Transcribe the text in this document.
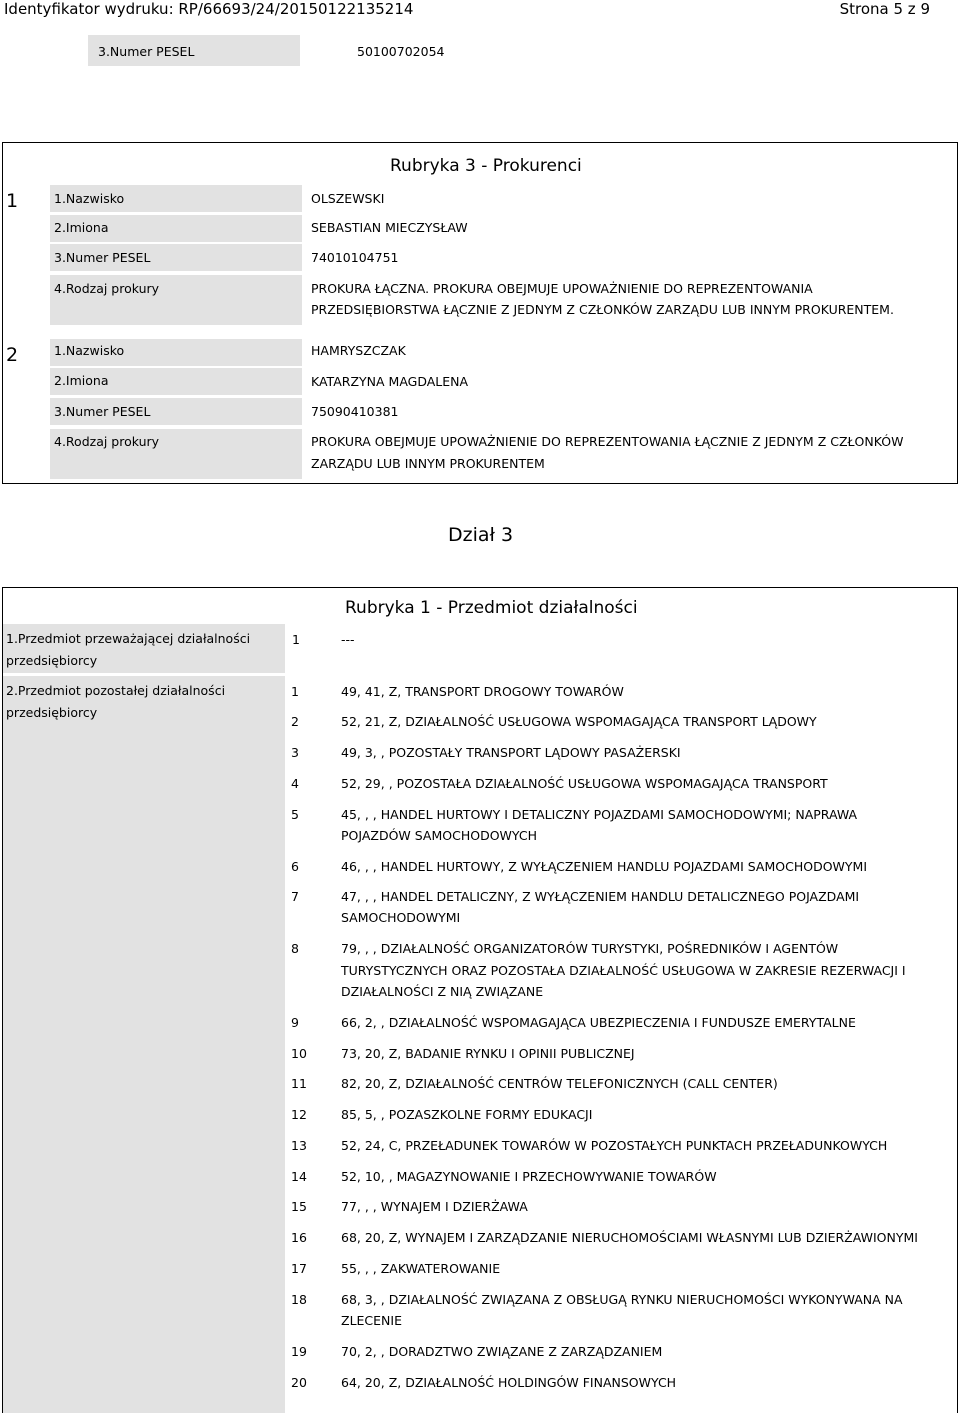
Identyfikator wydruku: RP/66693/24/20150122135214	Strona 5 z 9
3.Numer PESEL	50100702054
Rubryka 3 - Prokurenci
1	1.Nazwisko	OLSZEWSKI
2.Imiona	SEBASTIAN MIECZYSŁAW
3.Numer PESEL	74010104751
4.Rodzaj prokury	PROKURA ŁĄCZNA. PROKURA OBEJMUJE UPOWAŻNIENIE DO REPREZENTOWANIA
PRZEDSIĘBIORSTWA ŁĄCZNIE Z JEDNYM Z CZŁONKÓW ZARZĄDU LUB INNYM PROKURENTEM.
2	1.Nazwisko	HAMRYSZCZAK
2.Imiona	KATARZYNA MAGDALENA
3.Numer PESEL	75090410381
4.Rodzaj prokury	PROKURA OBEJMUJE UPOWAŻNIENIE DO REPREZENTOWANIA ŁĄCZNIE Z JEDNYM Z CZŁONKÓW
ZARZĄDU LUB INNYM PROKURENTEM
Dział 3
Rubryka 1 - Przedmiot działalności
1.Przedmiot przeważającej działalności
przedsiębiorcy
1	---
2.Przedmiot pozostałej działalności
przedsiębiorcy
1	49, 41, Z, TRANSPORT DROGOWY TOWARÓW
2	52, 21, Z, DZIAŁALNOŚĆ USŁUGOWA WSPOMAGAJĄCA TRANSPORT LĄDOWY
3	49, 3, , POZOSTAŁY TRANSPORT LĄDOWY PASAŻERSKI
4	52, 29, , POZOSTAŁA DZIAŁALNOŚĆ USŁUGOWA WSPOMAGAJĄCA TRANSPORT
5	45, , , HANDEL HURTOWY I DETALICZNY POJAZDAMI SAMOCHODOWYMI; NAPRAWA
POJAZDÓW SAMOCHODOWYCH
6	46, , , HANDEL HURTOWY, Z WYŁĄCZENIEM HANDLU POJAZDAMI SAMOCHODOWYMI
7	47, , , HANDEL DETALICZNY, Z WYŁĄCZENIEM HANDLU DETALICZNEGO POJAZDAMI
SAMOCHODOWYMI
8	79, , , DZIAŁALNOŚĆ ORGANIZATORÓW TURYSTYKI, POŚREDNIKÓW I AGENTÓW
TURYSTYCZNYCH ORAZ POZOSTAŁA DZIAŁALNOŚĆ USŁUGOWA W ZAKRESIE REZERWACJI I
DZIAŁALNOŚCI Z NIĄ ZWIĄZANE
9	66, 2, , DZIAŁALNOŚĆ WSPOMAGAJĄCA UBEZPIECZENIA I FUNDUSZE EMERYTALNE
10	73, 20, Z, BADANIE RYNKU I OPINII PUBLICZNEJ
11	82, 20, Z, DZIAŁALNOŚĆ CENTRÓW TELEFONICZNYCH (CALL CENTER)
12	85, 5, , POZASZKOLNE FORMY EDUKACJI
13	52, 24, C, PRZEŁADUNEK TOWARÓW W POZOSTAŁYCH PUNKTACH PRZEŁADUNKOWYCH
14	52, 10, , MAGAZYNOWANIE I PRZECHOWYWANIE TOWARÓW
15	77, , , WYNAJEM I DZIERŻAWA
16	68, 20, Z, WYNAJEM I ZARZĄDZANIE NIERUCHOMOŚCIAMI WŁASNYMI LUB DZIERŻAWIONYMI
17	55, , , ZAKWATEROWANIE
18	68, 3, , DZIAŁALNOŚĆ ZWIĄZANA Z OBSŁUGĄ RYNKU NIERUCHOMOŚCI WYKONYWANA NA
ZLECENIE
19	70, 2, , DORADZTWO ZWIĄZANE Z ZARZĄDZANIEM
20	64, 20, Z, DZIAŁALNOŚĆ HOLDINGÓW FINANSOWYCH
